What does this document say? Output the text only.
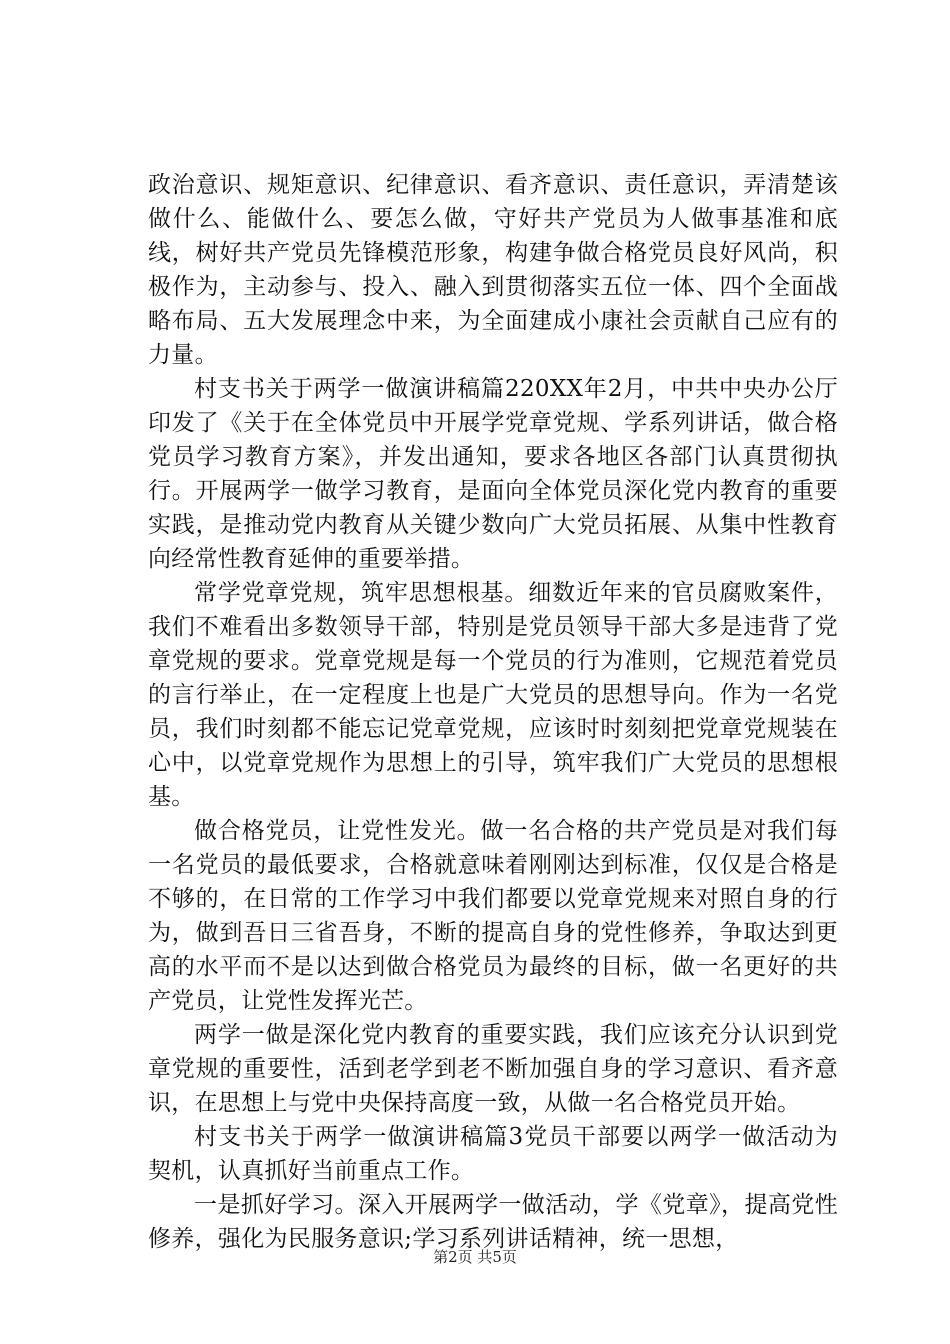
政治意识、规矩意识、纪律意识、看齐意识、责任意识，弄清楚该做什么、能做什么、要怎么做，守好共产党员为人做事基准和底线，树好共产党员先锋模范形象，构建争做合格党员良好风尚，积极作为，主动参与、投入、融入到贯彻落实五位一体、四个全面战略布局、五大发展理念中来，为全面建成小康社会贡献自己应有的力量。

村支书关于两学一做演讲稿篇220XX年2月，中共中央办公厅印发了《关于在全体党员中开展学党章党规、学系列讲话，做合格党员学习教育方案》，并发出通知，要求各地区各部门认真贯彻执行。开展两学一做学习教育，是面向全体党员深化党内教育的重要实践，是推动党内教育从关键少数向广大党员拓展、从集中性教育向经常性教育延伸的重要举措。

常学党章党规，筑牢思想根基。细数近年来的官员腐败案件，我们不难看出多数领导干部，特别是党员领导干部大多是违背了党章党规的要求。党章党规是每一个党员的行为准则，它规范着党员的言行举止，在一定程度上也是广大党员的思想导向。作为一名党员，我们时刻都不能忘记党章党规，应该时时刻刻把党章党规装在心中，以党章党规作为思想上的引导，筑牢我们广大党员的思想根基。

做合格党员，让党性发光。做一名合格的共产党员是对我们每一名党员的最低要求，合格就意味着刚刚达到标准，仅仅是合格是不够的，在日常的工作学习中我们都要以党章党规来对照自身的行为，做到吾日三省吾身，不断的提高自身的党性修养，争取达到更高的水平而不是以达到做合格党员为最终的目标，做一名更好的共产党员，让党性发挥光芒。

两学一做是深化党内教育的重要实践，我们应该充分认识到党章党规的重要性，活到老学到老不断加强自身的学习意识、看齐意识，在思想上与党中央保持高度一致，从做一名合格党员开始。

村支书关于两学一做演讲稿篇3党员干部要以两学一做活动为契机，认真抓好当前重点工作。

一是抓好学习。深入开展两学一做活动，学《党章》，提高党性修养，强化为民服务意识;学习系列讲话精神，统一思想，

第2页 共5页
